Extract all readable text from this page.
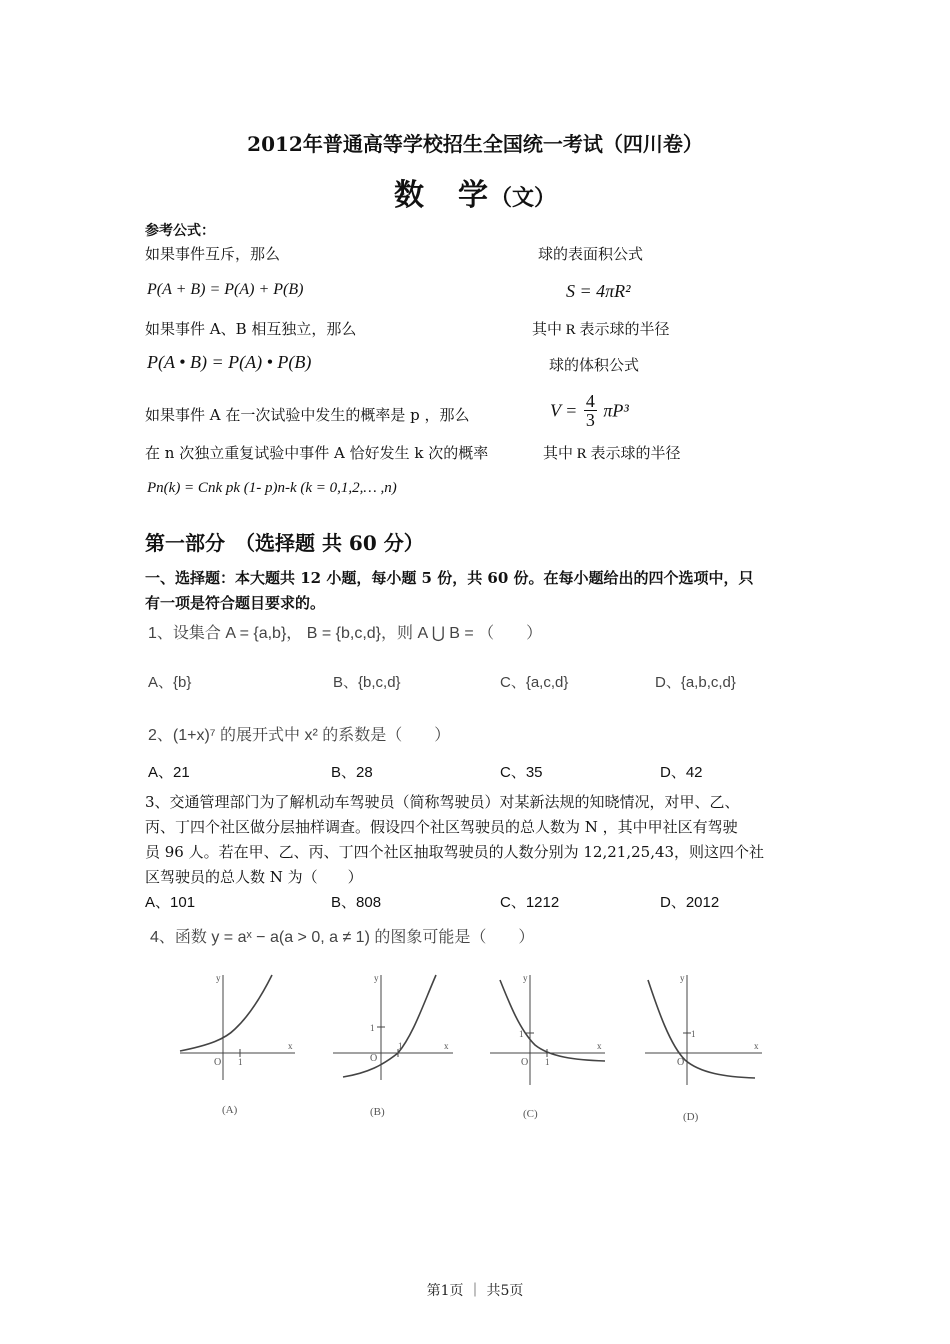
2012年普通高等学校招生全国统一考试（四川卷）
数　学（文）
参考公式：
如果事件互斥，那么
P(A + B) = P(A) + P(B)
如果事件 A、B 相互独立，那么
P(A • B) = P(A) • P(B)
如果事件 A 在一次试验中发生的概率是 p ，那么
在 n 次独立重复试验中事件 A 恰好发生 k 次的概率
Pn(k) = Cnk pk (1- p)n-k (k = 0,1,2,… ,n)
球的表面积公式
S = 4πR²
其中 R 表示球的半径
球的体积公式
$V = \frac{4}{3} \pi P^3$
其中 R 表示球的半径
第一部分　（选择题 共 60 分）
一、选择题：本大题共 12 小题，每小题 5 份，共 60 份。在每小题给出的四个选项中，只
有一项是符合题目要求的。
1、设集合 A = {a,b}， B = {b,c,d}，则 A ⋃ B = （　　）
A、{b}	B、{b,c,d}	C、{a,c,d}	D、{a,b,c,d}
2、(1+x)⁷ 的展开式中 x² 的系数是（　　）
A、21	B、28	C、35	D、42
3、交通管理部门为了解机动车驾驶员（简称驾驶员）对某新法规的知晓情况，对甲、乙、
丙、丁四个社区做分层抽样调查。假设四个社区驾驶员的总人数为 N ，其中甲社区有驾驶
员 96 人。若在甲、乙、丙、丁四个社区抽取驾驶员的人数分别为 12,21,25,43，则这四个社
区驾驶员的总人数 N 为（　　）
A、101	B、808	C、1212	D、2012
4、函数 y = aˣ − a(a > 0, a ≠ 1) 的图象可能是（　　）
y
x
O 1
(A)
y
x
O
1
1
(B)
y
x
O 1
1
(C)
y
x
O
1
(D)
第1页 ｜ 共5页
